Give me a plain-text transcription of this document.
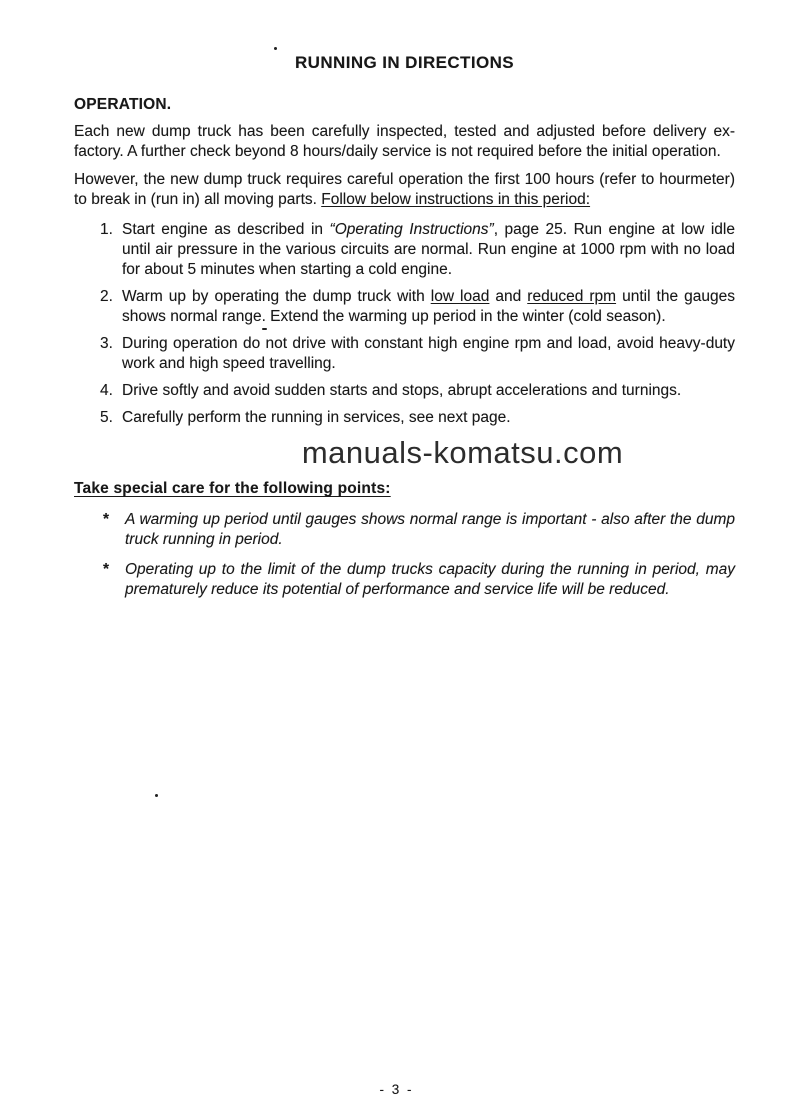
RUNNING IN DIRECTIONS
OPERATION.

Each new dump truck has been carefully inspected, tested and adjusted before delivery ex-factory. A further check beyond 8 hours/daily service is not required before the initial operation.

However, the new dump truck requires careful operation the first 100 hours (refer to hourmeter) to break in (run in) all moving parts. Follow below instructions in this period:

1. Start engine as described in “Operating Instructions”, page 25. Run engine at low idle until air pressure in the various circuits are normal. Run engine at 1000 rpm with no load for about 5 minutes when starting a cold engine.
2. Warm up by operating the dump truck with low load and reduced rpm until the gauges shows normal range. Extend the warming up period in the winter (cold season).
3. During operation do not drive with constant high engine rpm and load, avoid heavy-duty work and high speed travelling.
4. Drive softly and avoid sudden starts and stops, abrupt accelerations and turnings.
5. Carefully perform the running in services, see next page.
manuals-komatsu.com
Take special care for the following points:
*	A warming up period until gauges shows normal range is important - also after the dump truck running in period.
*	Operating up to the limit of the dump trucks capacity during the running in period, may prematurely reduce its potential of performance and service life will be reduced.
- 3 -
